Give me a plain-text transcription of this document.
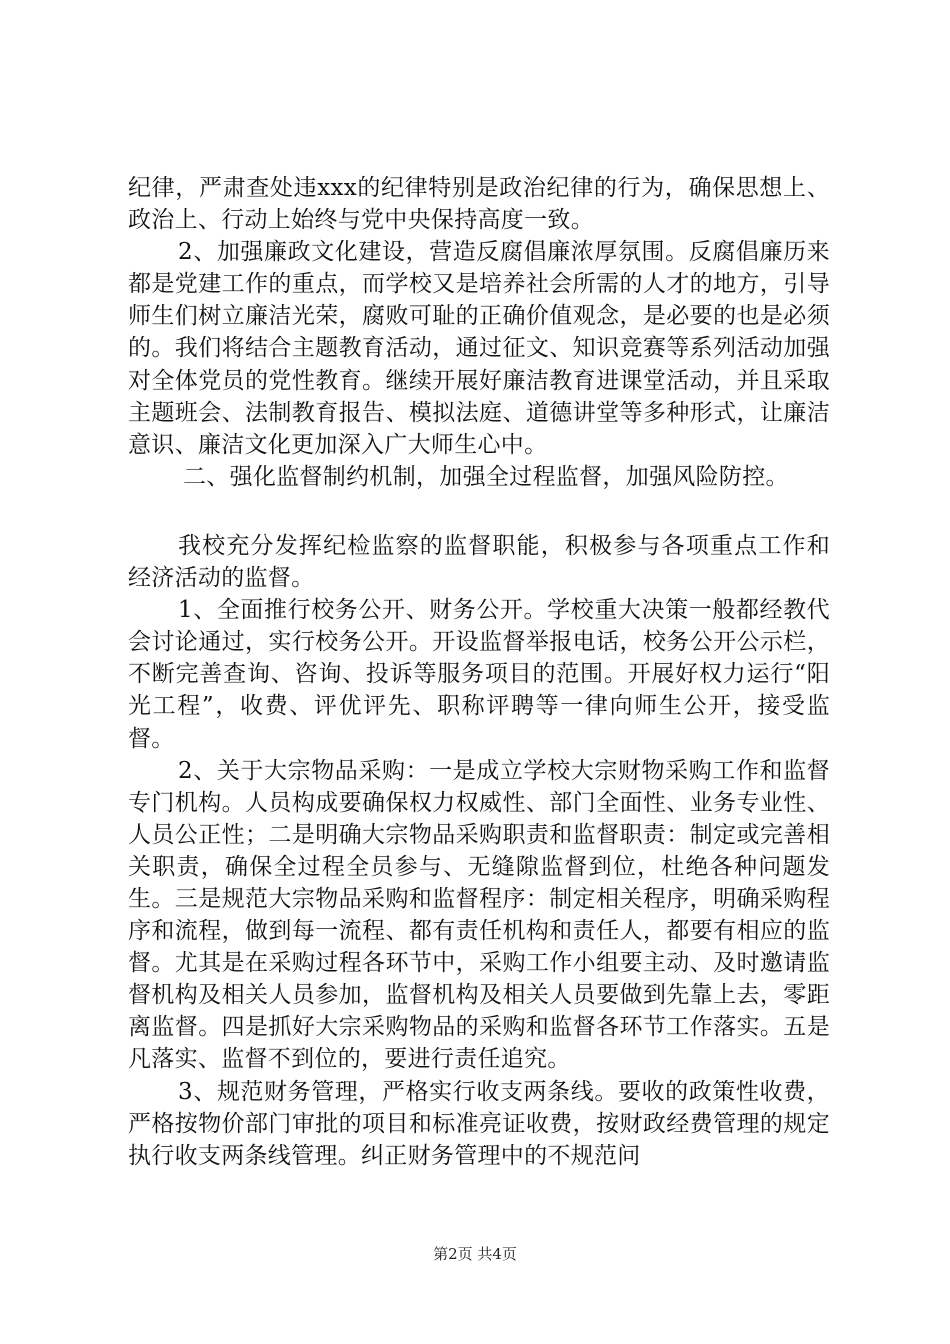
纪律，严肃查处违xxx的纪律特别是政治纪律的行为，确保思想上、政治上、行动上始终与党中央保持高度一致。

2、加强廉政文化建设，营造反腐倡廉浓厚氛围。反腐倡廉历来都是党建工作的重点，而学校又是培养社会所需的人才的地方，引导师生们树立廉洁光荣，腐败可耻的正确价值观念，是必要的也是必须的。我们将结合主题教育活动，通过征文、知识竞赛等系列活动加强对全体党员的党性教育。继续开展好廉洁教育进课堂活动，并且采取主题班会、法制教育报告、模拟法庭、道德讲堂等多种形式，让廉洁意识、廉洁文化更加深入广大师生心中。

二、强化监督制约机制，加强全过程监督，加强风险防控。

我校充分发挥纪检监察的监督职能，积极参与各项重点工作和经济活动的监督。

1、全面推行校务公开、财务公开。学校重大决策一般都经教代会讨论通过，实行校务公开。开设监督举报电话，校务公开公示栏，不断完善查询、咨询、投诉等服务项目的范围。开展好权力运行“阳光工程”，收费、评优评先、职称评聘等一律向师生公开，接受监督。

2、关于大宗物品采购：一是成立学校大宗财物采购工作和监督专门机构。人员构成要确保权力权威性、部门全面性、业务专业性、人员公正性；二是明确大宗物品采购职责和监督职责：制定或完善相关职责，确保全过程全员参与、无缝隙监督到位，杜绝各种问题发生。三是规范大宗物品采购和监督程序：制定相关程序，明确采购程序和流程，做到每一流程、都有责任机构和责任人，都要有相应的监督。尤其是在采购过程各环节中，采购工作小组要主动、及时邀请监督机构及相关人员参加，监督机构及相关人员要做到先靠上去，零距离监督。四是抓好大宗采购物品的采购和监督各环节工作落实。五是凡落实、监督不到位的，要进行责任追究。

3、规范财务管理，严格实行收支两条线。要收的政策性收费，严格按物价部门审批的项目和标准亮证收费，按财政经费管理的规定执行收支两条线管理。纠正财务管理中的不规范问

第2页 共4页
